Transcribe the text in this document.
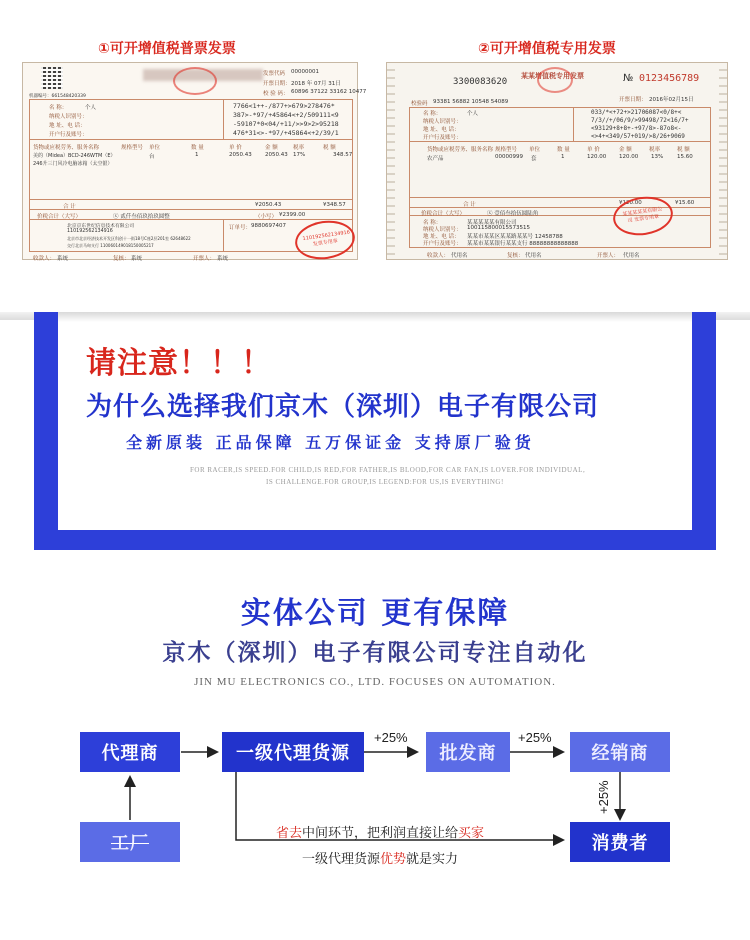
①可开增值税普票发票	②可开增值税专用发票
机器编号：661548420339
发票代码 00000001
开票日期： 2018 年 07月 31日
校 验 码： 60896 37122 33162 10477
名 称：	个人
纳税人识别号：
地 址、电 话：
开户行及账号：
7766<1++-/877+>679>278476*
387>-*97/+45864<+2/509111<9
-59107*0<04/+11/>>9>2>95218
476*31<>-*97/+45864<+2/39/1
货物或应税劳务、服务名称	规格型号 单位	数 量	单 价	金 额	税率	税 额
美的（Midea）BCD-246WTM（E）246升三门风冷电脑冰箱（太空银）
台	1	2050.43 2050.43 17%	348.57
合 计	¥2050.43	¥348.57
价税合计（大写）	ⓧ 贰仟叁佰玖拾玖圆整	（小写） ¥2399.00
北京京东世纪信息技术有限公司
110192562134916
北京市北京经济技术开发区科创十一街18号C座2层201室 62648622
交行北京马甸支行 110060149018150005217
订单号： 9880697407
110192562134916 发票专用章
收款人： 系统	复核： 系统	开票人： 系统
3300083620
某某增值税专用发票	№ 0123456789
开票日期： 2016年02月15日
校验码 93381 56882 10548 54089
名 称：	个人
纳税人识别号：
地 址、电 话：
开户行及账号：
033/*<+72+>21706087<0/8+<
7/3//+/06/9/>99498/72<16/7+
<93129+8+8+-+97/8>-87o8<-
<>4+<349/57+019/>8/26+9069
货物或应税劳务、服务名称 规格型号 单位	数 量	单 价	金 额	税率	税 额
农产品	00000999 套	1	120.00 120.00 13%	15.60
合 计	¥120.00	¥15.60
价税合计（大写）	ⓧ 壹佰叁拾伍圆陆角
名 称：	某某某某某有限公司
纳税人识别号： 100115800015573515
地 址、电 话： 某某市某某区某某路某某号 12458788
开户行及账号： 某某市某某银行某某支行 88888888888888
某某某某某有限公司 发票专用章
收款人： 代用名	复核： 代用名	开票人： 代用名
请注意！！！
为什么选择我们京木（深圳）电子有限公司
全新原装 正品保障 五万保证金 支持原厂验货
FOR RACER,IS SPEED.FOR CHILD,IS RED,FOR FATHER,IS BLOOD,FOR CAR FAN,IS LOVER.FOR INDIVIDUAL,
IS CHALLENGE.FOR GROUP,IS LEGEND:FOR US,IS EVERYTHING!
实体公司 更有保障
京木（深圳）电子有限公司专注自动化
JIN MU ELECTRONICS CO., LTD. FOCUSES ON AUTOMATION.
代理商	一级代理货源	批发商	经销商
工厂	消费者
+25%	+25%
+25%
省去中间环节，把利润直接让给买家
一级代理货源优势就是实力
